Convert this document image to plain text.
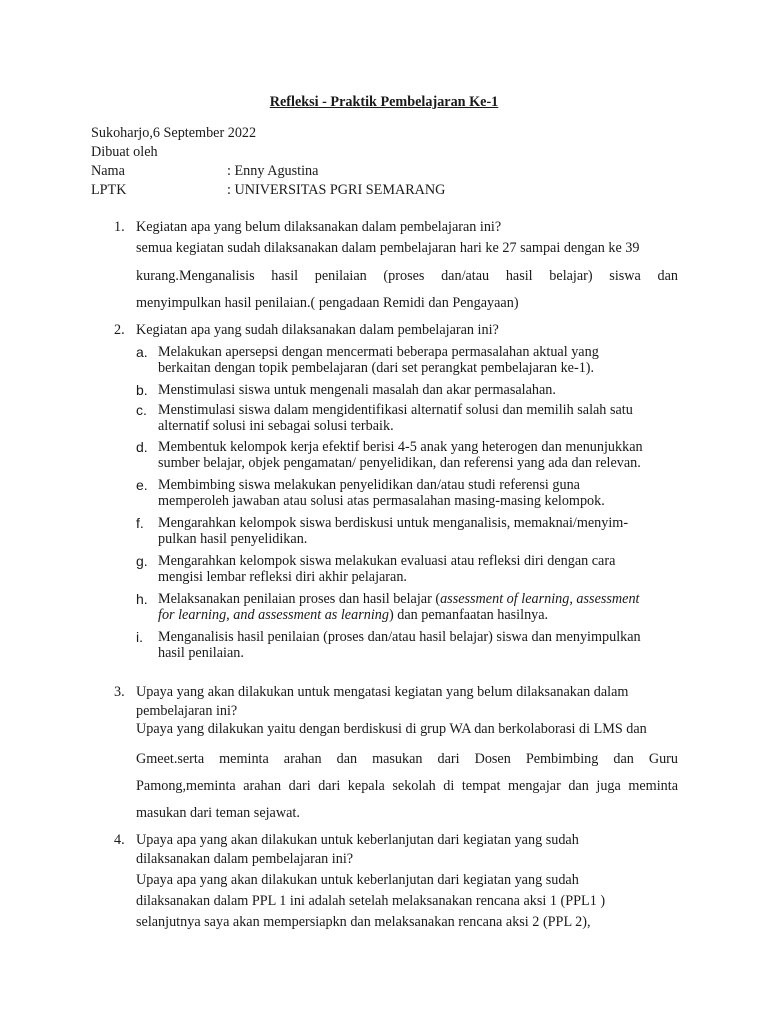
Refleksi - Praktik Pembelajaran Ke-1
Sukoharjo,6 September 2022
Dibuat oleh
Nama	: Enny Agustina
LPTK	: UNIVERSITAS PGRI SEMARANG
1. Kegiatan apa yang belum dilaksanakan dalam pembelajaran ini?
semua kegiatan sudah dilaksanakan dalam pembelajaran hari ke 27 sampai dengan ke 39
kurang.Menganalisis hasil penilaian (proses dan/atau hasil belajar) siswa dan
menyimpulkan hasil penilaian.( pengadaan Remidi dan Pengayaan)
2. Kegiatan apa yang sudah dilaksanakan dalam pembelajaran ini?
a. Melakukan apersepsi dengan mencermati beberapa permasalahan aktual yang
berkaitan dengan topik pembelajaran (dari set perangkat pembelajaran ke-1).
b. Menstimulasi siswa untuk mengenali masalah dan akar permasalahan.
c. Menstimulasi siswa dalam mengidentifikasi alternatif solusi dan memilih salah satu
alternatif solusi ini sebagai solusi terbaik.
d. Membentuk kelompok kerja efektif berisi 4-5 anak yang heterogen dan menunjukkan
sumber belajar, objek pengamatan/ penyelidikan, dan referensi yang ada dan relevan.
e. Membimbing siswa melakukan penyelidikan dan/atau studi referensi guna
memperoleh jawaban atau solusi atas permasalahan masing-masing kelompok.
f. Mengarahkan kelompok siswa berdiskusi untuk menganalisis, memaknai/menyim-
pulkan hasil penyelidikan.
g. Mengarahkan kelompok siswa melakukan evaluasi atau refleksi diri dengan cara
mengisi lembar refleksi diri akhir pelajaran.
h. Melaksanakan penilaian proses dan hasil belajar (assessment of learning, assessment
for learning, and assessment as learning) dan pemanfaatan hasilnya.
i. Menganalisis hasil penilaian (proses dan/atau hasil belajar) siswa dan menyimpulkan
hasil penilaian.
3. Upaya yang akan dilakukan untuk mengatasi kegiatan yang belum dilaksanakan dalam
pembelajaran ini?
Upaya yang dilakukan yaitu dengan berdiskusi di grup WA dan berkolaborasi di LMS dan
Gmeet.serta meminta arahan dan masukan dari Dosen Pembimbing dan Guru
Pamong,meminta arahan dari dari kepala sekolah di tempat mengajar dan juga meminta
masukan dari teman sejawat.
4. Upaya apa yang akan dilakukan untuk keberlanjutan dari kegiatan yang sudah
dilaksanakan dalam pembelajaran ini?
Upaya apa yang akan dilakukan untuk keberlanjutan dari kegiatan yang sudah
dilaksanakan dalam PPL 1 ini adalah setelah melaksanakan rencana aksi 1 (PPL1 )
selanjutnya saya akan mempersiapkn dan melaksanakan rencana aksi 2 (PPL 2),
